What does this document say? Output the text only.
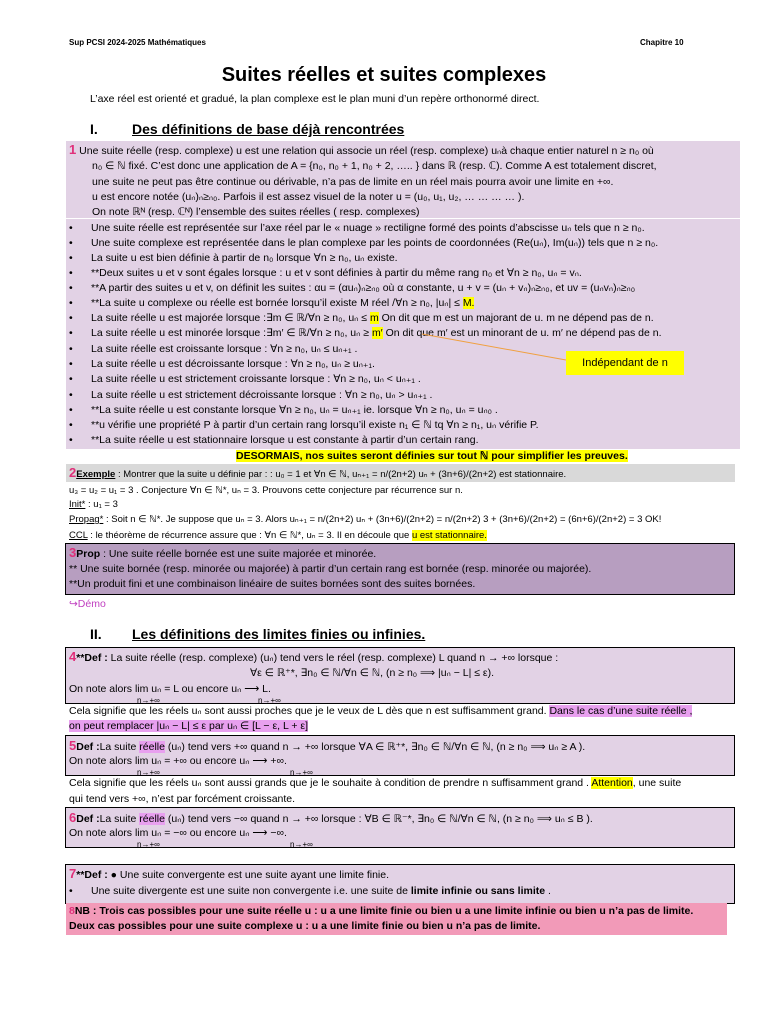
Sup PCSI 2024-2025 Mathématiques	Chapitre 10
Suites réelles et suites complexes
L’axe réel est orienté et gradué, la plan complexe est le plan muni d’un repère orthonormé direct.
I. Des définitions de base déjà rencontrées
1 Une suite réelle (resp. complexe) u est une relation qui associe un réel (resp. complexe) uₙà chaque entier naturel n ≥ n₀ où
n₀ ∈ ℕ fixé. C’est donc une application de A = {n₀, n₀ + 1, n₀ + 2, ….. } dans ℝ (resp. ℂ). Comme A est totalement discret,
une suite ne peut pas être continue ou dérivable, n’a pas de limite en un réel mais pourra avoir une limite en +∞.
u est encore notée (uₙ)ₙ≥ₙ₀. Parfois il est assez visuel de la noter u = (u₀, u₁, u₂, … … … … ).
On note ℝᴺ (resp. ℂᴺ) l’ensemble des suites réelles ( resp. complexes)
• Une suite réelle est représentée sur l’axe réel par le « nuage » rectiligne formé des points d’abscisse uₙ tels que n ≥ n₀.
• Une suite complexe est représentée dans le plan complexe par les points de coordonnées (Re(uₙ), Im(uₙ)) tels que n ≥ n₀.
• La suite u est bien définie à partir de n₀ lorsque ∀n ≥ n₀, uₙ existe.
• **Deux suites u et v sont égales lorsque : u et v sont définies à partir du même rang n₀ et ∀n ≥ n₀, uₙ = vₙ.
• **A partir des suites u et v, on définit les suites : αu = (αuₙ)ₙ≥ₙ₀ où α constante, u + v = (uₙ + vₙ)ₙ≥ₙ₀, et uv = (uₙvₙ)ₙ≥ₙ₀
• **La suite u complexe ou réelle est bornée lorsqu’il existe M réel /∀n ≥ n₀, |uₙ| ≤ M.
• La suite réelle u est majorée lorsque :∃m ∈ ℝ/∀n ≥ n₀, uₙ ≤ m On dit que m est un majorant de u. m ne dépend pas de n.
• La suite réelle u est minorée lorsque :∃m′ ∈ ℝ/∀n ≥ n₀, uₙ ≥ m′ On dit que m′ est un minorant de u. m′ ne dépend pas de n.
• La suite réelle est croissante lorsque : ∀n ≥ n₀, uₙ ≤ uₙ₊₁ .
• La suite réelle u est décroissante lorsque : ∀n ≥ n₀, uₙ ≥ uₙ₊₁.
• La suite réelle u est strictement croissante lorsque : ∀n ≥ n₀, uₙ < uₙ₊₁ .
• La suite réelle u est strictement décroissante lorsque : ∀n ≥ n₀, uₙ > uₙ₊₁ .
• **La suite réelle u est constante lorsque ∀n ≥ n₀, uₙ = uₙ₊₁ ie. lorsque ∀n ≥ n₀, uₙ = uₙ₀ .
• **u vérifie une propriété P à partir d’un certain rang lorsqu’il existe n₁ ∈ ℕ tq ∀n ≥ n₁, uₙ vérifie P.
• **La suite réelle u est stationnaire lorsque u est constante à partir d’un certain rang.
Indépendant de n
DESORMAIS, nos suites seront définies sur tout ℕ pour simplifier les preuves.
2Exemple : Montrer que la suite u définie par : : u₀ = 1 et ∀n ∈ ℕ, uₙ₊₁ = n/(2n+2) uₙ + (3n+6)/(2n+2) est stationnaire.
u₃ = u₂ = u₁ = 3 . Conjecture ∀n ∈ ℕ*, uₙ = 3. Prouvons cette conjecture par récurrence sur n.
Init* : u₁ = 3
Propag* : Soit n ∈ ℕ*. Je suppose que uₙ = 3. Alors uₙ₊₁ = n/(2n+2) uₙ + (3n+6)/(2n+2) = n/(2n+2) 3 + (3n+6)/(2n+2) = (6n+6)/(2n+2) = 3 OK!
CCL : le théorème de récurrence assure que : ∀n ∈ ℕ*, uₙ = 3. Il en découle que u est stationnaire.
3Prop : Une suite réelle bornée est une suite majorée et minorée.
** Une suite bornée (resp. minorée ou majorée) à partir d’un certain rang est bornée (resp. minorée ou majorée).
**Un produit fini et une combinaison linéaire de suites bornées sont des suites bornées.
↪Démo
II. Les définitions des limites finies ou infinies.
4**Def : La suite réelle (resp. complexe) (uₙ) tend vers le réel (resp. complexe) L quand n → +∞ lorsque :
∀ε ∈ ℝ⁺*, ∃n₀ ∈ ℕ/∀n ∈ ℕ, (n ≥ n₀ ⟹ |uₙ − L| ≤ ε).
On note alors lim uₙ = L ou encore uₙ ⟶ L.
n→+∞	n→+∞
Cela signifie que les réels uₙ sont aussi proches que je le veux de L dès que n est suffisamment grand. Dans le cas d’une suite réelle ,
on peut remplacer |uₙ − L| ≤ ε par uₙ ∈ [L − ε, L + ε]
5Def :La suite réelle (uₙ) tend vers +∞ quand n → +∞ lorsque ∀A ∈ ℝ⁺*, ∃n₀ ∈ ℕ/∀n ∈ ℕ, (n ≥ n₀ ⟹ uₙ ≥ A ).
On note alors lim uₙ = +∞ ou encore uₙ ⟶ +∞.
n→+∞	n→+∞
Cela signifie que les réels uₙ sont aussi grands que je le souhaite à condition de prendre n suffisamment grand . Attention, une suite
qui tend vers +∞, n’est par forcément croissante.
6Def :La suite réelle (uₙ) tend vers −∞ quand n → +∞ lorsque : ∀B ∈ ℝ⁻*, ∃n₀ ∈ ℕ/∀n ∈ ℕ, (n ≥ n₀ ⟹ uₙ ≤ B ).
On note alors lim uₙ = −∞ ou encore uₙ ⟶ −∞.
n→+∞	n→+∞
7**Def : ● Une suite convergente est une suite ayant une limite finie.
• Une suite divergente est une suite non convergente i.e. une suite de limite infinie ou sans limite .
8NB : Trois cas possibles pour une suite réelle u : u a une limite finie ou bien u a une limite infinie ou bien u n’a pas de limite.
Deux cas possibles pour une suite complexe u : u a une limite finie ou bien u n’a pas de limite.
